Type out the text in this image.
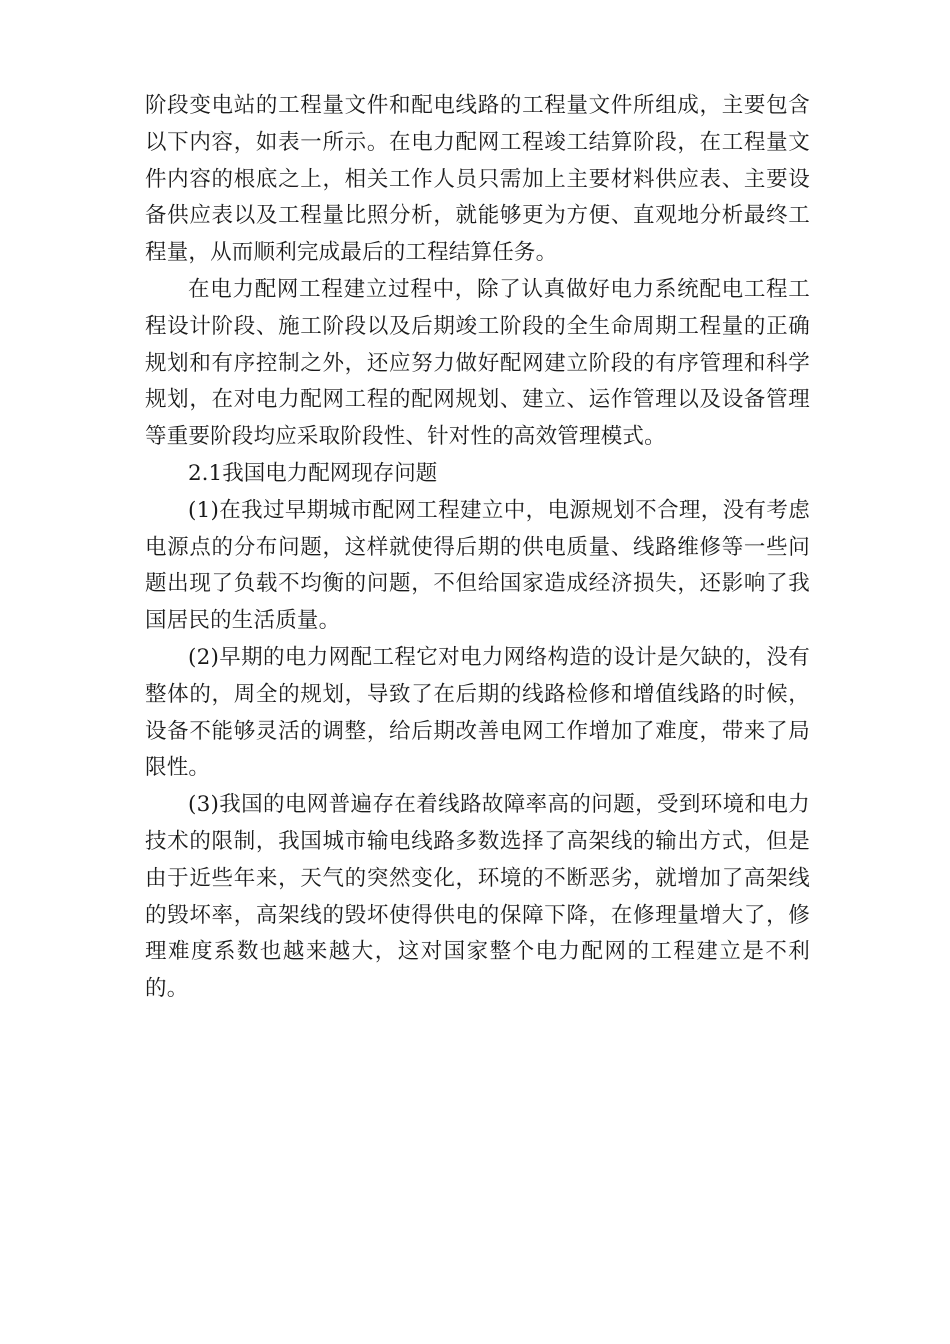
阶段变电站的工程量文件和配电线路的工程量文件所组成，主要包含以下内容，如表一所示。在电力配网工程竣工结算阶段，在工程量文件内容的根底之上，相关工作人员只需加上主要材料供应表、主要设备供应表以及工程量比照分析，就能够更为方便、直观地分析最终工程量，从而顺利完成最后的工程结算任务。

在电力配网工程建立过程中，除了认真做好电力系统配电工程工程设计阶段、施工阶段以及后期竣工阶段的全生命周期工程量的正确规划和有序控制之外，还应努力做好配网建立阶段的有序管理和科学规划，在对电力配网工程的配网规划、建立、运作管理以及设备管理等重要阶段均应采取阶段性、针对性的高效管理模式。

2.1我国电力配网现存问题

(1)在我过早期城市配网工程建立中，电源规划不合理，没有考虑电源点的分布问题，这样就使得后期的供电质量、线路维修等一些问题出现了负载不均衡的问题，不但给国家造成经济损失，还影响了我国居民的生活质量。

(2)早期的电力网配工程它对电力网络构造的设计是欠缺的，没有整体的，周全的规划，导致了在后期的线路检修和增值线路的时候，设备不能够灵活的调整，给后期改善电网工作增加了难度，带来了局限性。

(3)我国的电网普遍存在着线路故障率高的问题，受到环境和电力技术的限制，我国城市输电线路多数选择了高架线的输出方式，但是由于近些年来，天气的突然变化，环境的不断恶劣，就增加了高架线的毁坏率，高架线的毁坏使得供电的保障下降，在修理量增大了，修理难度系数也越来越大，这对国家整个电力配网的工程建立是不利的。
